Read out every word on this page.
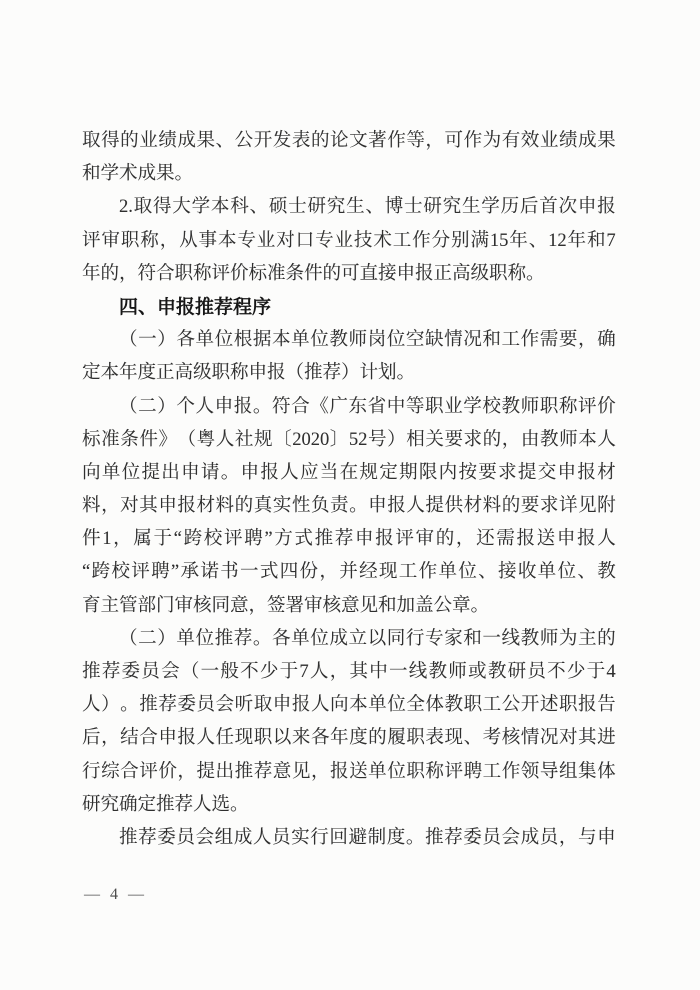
取 得 的 业 绩 成 果 、 公 开 发 表 的 论 文 著 作 等 ， 可 作 为 有 效 业 绩 成 果
和学术成果。
2. 取 得 大 学 本 科 、 硕 士 研 究 生 、 博 士 研 究 生 学 历 后 首 次 申 报
评 审 职 称 ， 从 事 本 专 业 对 口 专 业 技 术 工 作 分 别 满 15 年 、 12 年 和 7
年的，符合职称评价标准条件的可直接申报正高级职称。
四、申报推荐程序
（ 一 ） 各 单 位 根 据 本 单 位 教 师 岗 位 空 缺 情 况 和 工 作 需 要 ， 确
定本年度正高级职称申报（推荐）计划。
（ 二 ） 个 人 申 报 。 符 合 《 广 东 省 中 等 职 业 学 校 教 师 职 称 评 价
标 准 条 件 》 （ 粤 人 社 规 〔 2020 〕 52 号 ） 相 关 要 求 的 ， 由 教 师 本 人
向 单 位 提 出 申 请 。 申 报 人 应 当 在 规 定 期 限 内 按 要 求 提 交 申 报 材
料 ， 对 其 申 报 材 料 的 真 实 性 负 责 。 申 报 人 提 供 材 料 的 要 求 详 见 附
件 1 ， 属 于 “ 跨 校 评 聘 ” 方 式 推 荐 申 报 评 审 的 ， 还 需 报 送 申 报 人
“ 跨 校 评 聘 ” 承 诺 书 一 式 四 份 ， 并 经 现 工 作 单 位 、 接 收 单 位 、 教
育主管部门审核同意，签署审核意见和加盖公章。
（ 二 ） 单 位 推 荐 。 各 单 位 成 立 以 同 行 专 家 和 一 线 教 师 为 主 的
推 荐 委 员 会 （ 一 般 不 少 于 7 人 ， 其 中 一 线 教 师 或 教 研 员 不 少 于 4
人 ） 。 推 荐 委 员 会 听 取 申 报 人 向 本 单 位 全 体 教 职 工 公 开 述 职 报 告
后 ， 结 合 申 报 人 任 现 职 以 来 各 年 度 的 履 职 表 现 、 考 核 情 况 对 其 进
行 综 合 评 价 ， 提 出 推 荐 意 见 ， 报 送 单 位 职 称 评 聘 工 作 领 导 组 集 体
研究确定推荐人选。
推 荐 委 员 会 组 成 人 员 实 行 回 避 制 度 。 推 荐 委 员 会 成 员 ， 与 申
— 4 —
